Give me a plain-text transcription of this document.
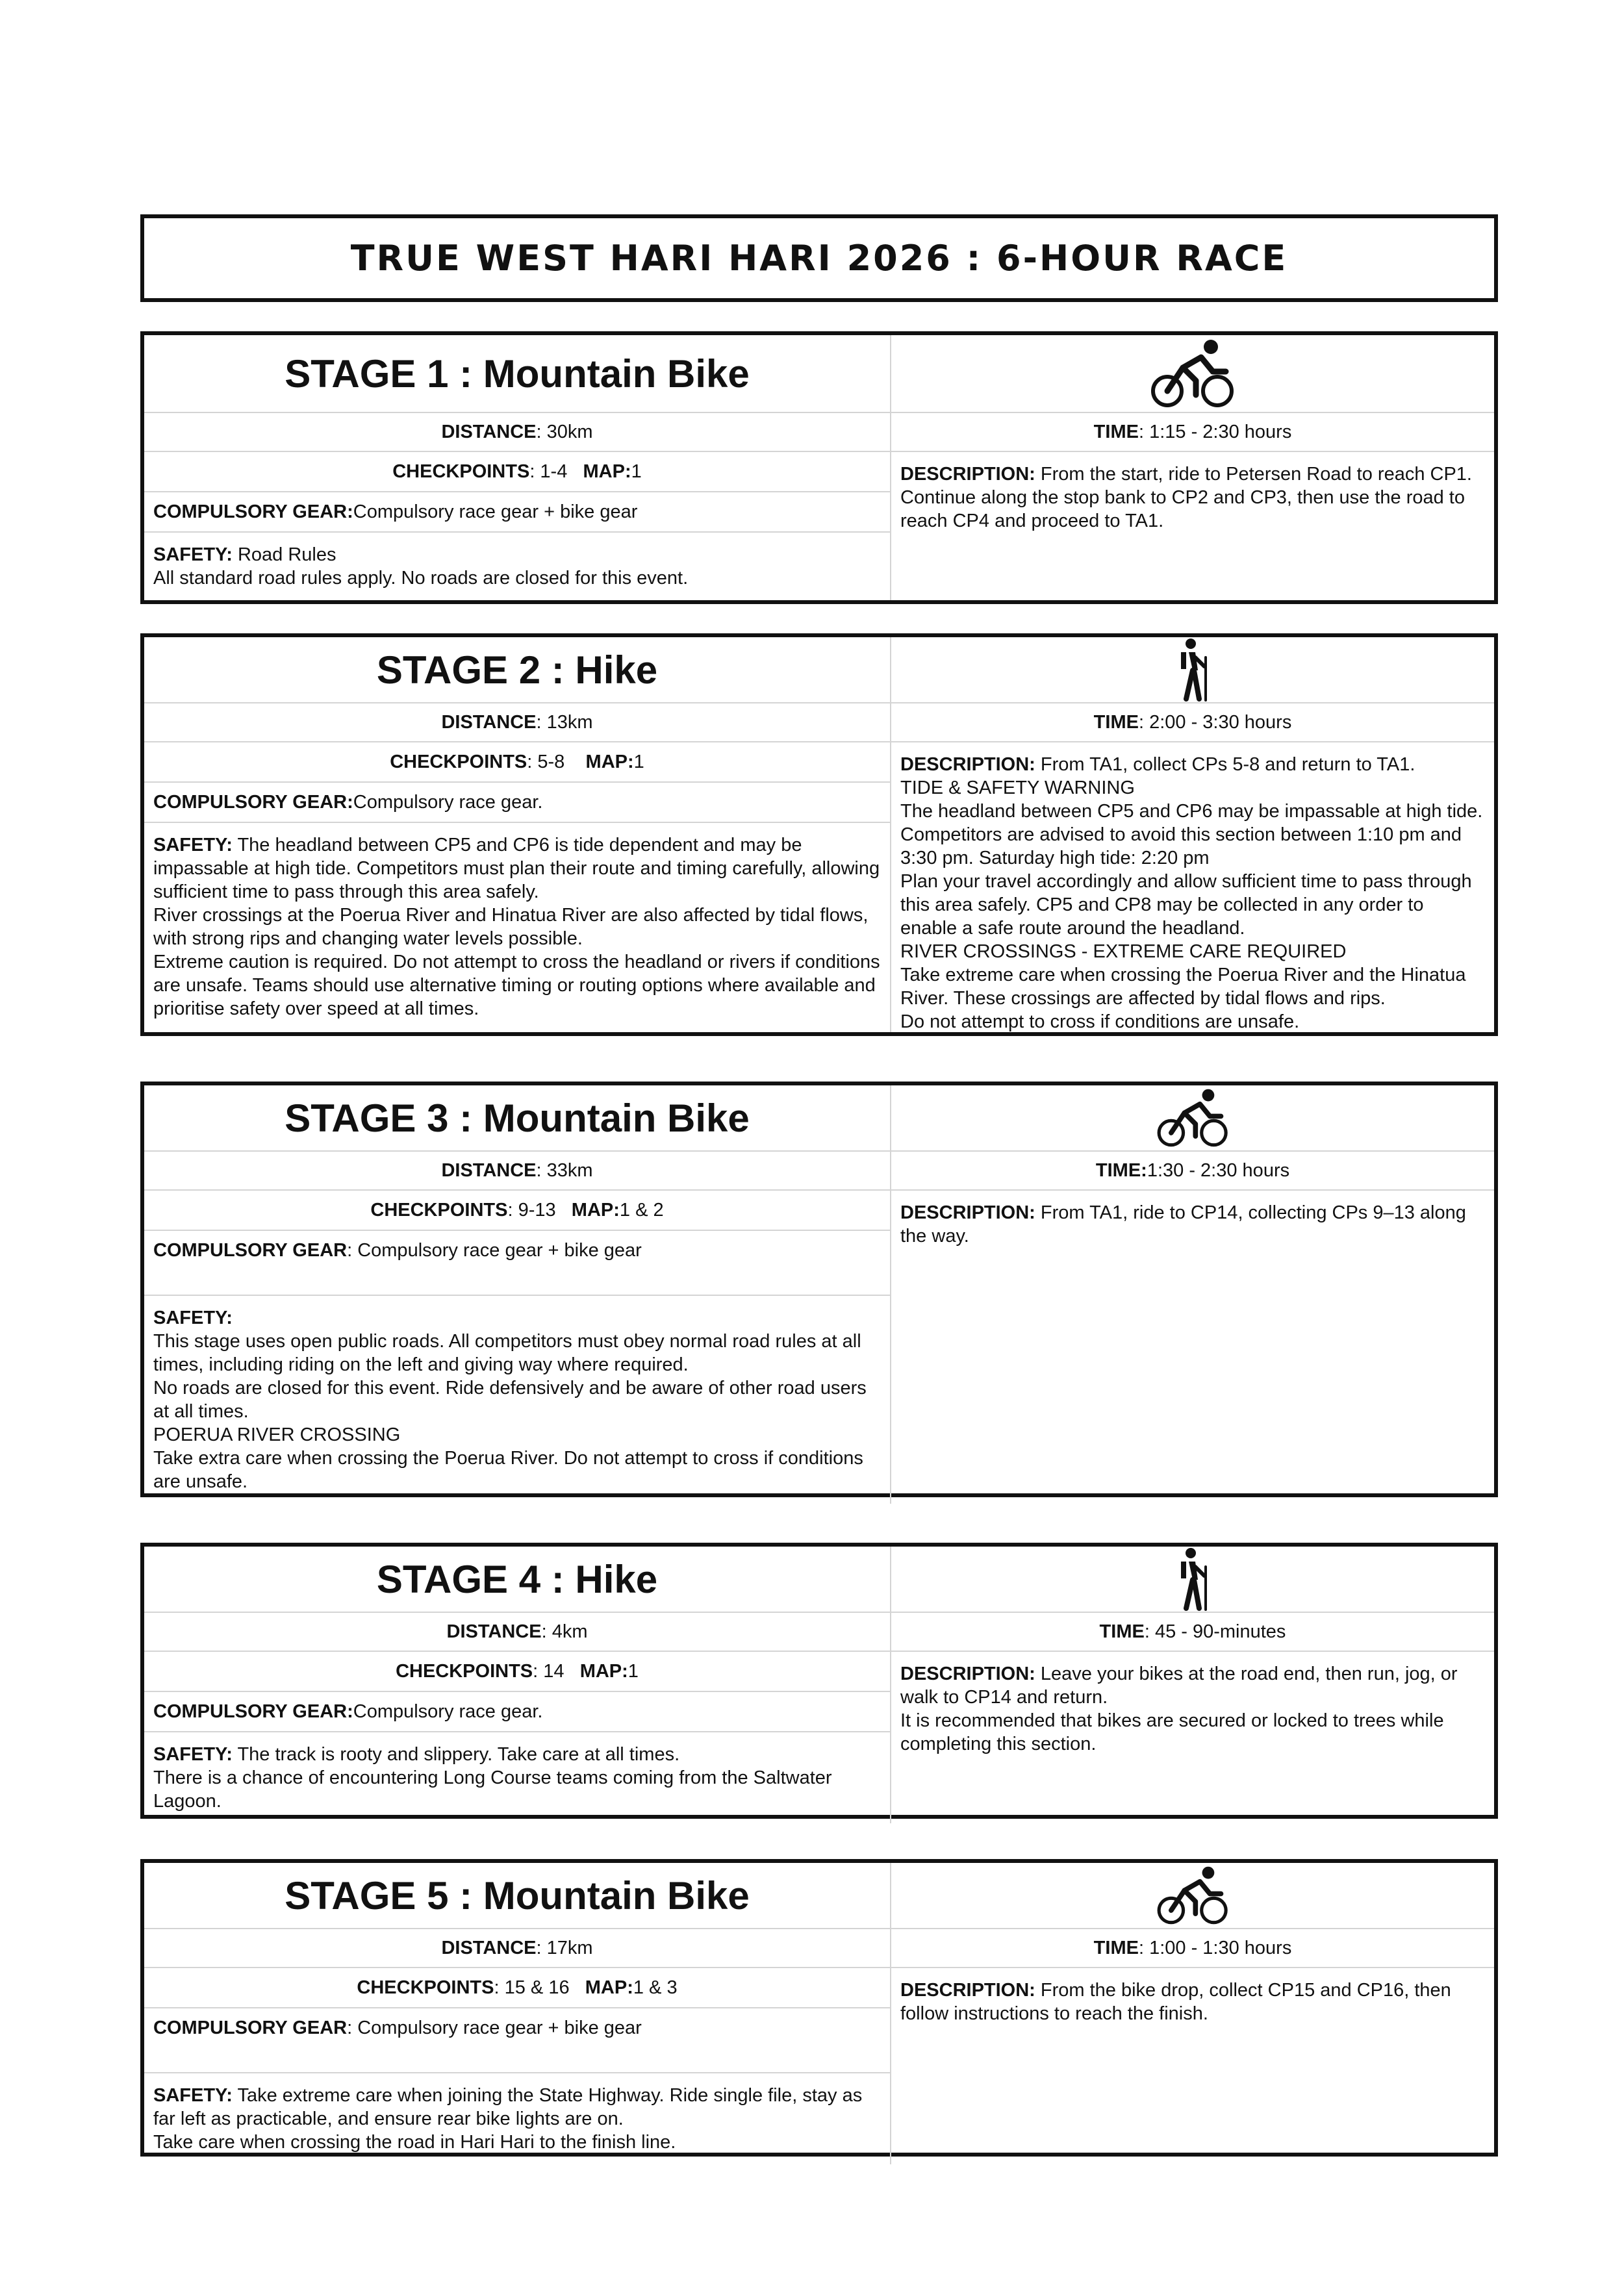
TRUE WEST HARI HARI 2026 : 6-HOUR RACE
STAGE 1 : Mountain Bike
DISTANCE : 30km	TIME : 1:15 - 2:30 hours
CHECKPOINTS : 1-4
MAP: 1	DESCRIPTION: From the start, ride to Petersen Road to reach CP1. Continue along the stop bank to CP2 and CP3, then use the road to reach CP4 and proceed to TA1.
COMPULSORY GEAR: Compulsory race gear + bike gear
SAFETY: Road Rules
All standard road rules apply. No roads are closed for this event.
STAGE 2 : Hike
DISTANCE : 13km	TIME : 2:00 - 3:30 hours
CHECKPOINTS : 5-8
MAP: 1	DESCRIPTION: From TA1, collect CPs 5-8 and return to TA1.
TIDE & SAFETY WARNING
The headland between CP5 and CP6 may be impassable at high tide. Competitors are advised to avoid this section between 1:10 pm and 3:30 pm. Saturday high tide: 2:20 pm
Plan your travel accordingly and allow sufficient time to pass through this area safely. CP5 and CP8 may be collected in any order to enable a safe route around the headland.
RIVER CROSSINGS - EXTREME CARE REQUIRED
Take extreme care when crossing the Poerua River and the Hinatua River. These crossings are affected by tidal flows and rips.
Do not attempt to cross if conditions are unsafe.
COMPULSORY GEAR: Compulsory race gear.
SAFETY: The headland between CP5 and CP6 is tide dependent and may be impassable at high tide. Competitors must plan their route and timing carefully, allowing sufficient time to pass through this area safely.
River crossings at the Poerua River and Hinatua River are also affected by tidal flows, with strong rips and changing water levels possible.
Extreme caution is required. Do not attempt to cross the headland or rivers if conditions are unsafe. Teams should use alternative timing or routing options where available and prioritise safety over speed at all times.
STAGE 3 : Mountain Bike
DISTANCE : 33km	TIME : 1:30 - 2:30 hours
CHECKPOINTS : 9-13
MAP: 1 & 2	DESCRIPTION: From TA1, ride to CP14, collecting CPs 9–13 along the way.
COMPULSORY GEAR : Compulsory race gear + bike gear
SAFETY:
This stage uses open public roads. All competitors must obey normal road rules at all times, including riding on the left and giving way where required.
No roads are closed for this event. Ride defensively and be aware of other road users at all times.
POERUA RIVER CROSSING
Take extra care when crossing the Poerua River. Do not attempt to cross if conditions are unsafe.
STAGE 4 : Hike
DISTANCE : 4km	TIME : 45 - 90-minutes
CHECKPOINTS : 14
MAP: 1	DESCRIPTION: Leave your bikes at the road end, then run, jog, or walk to CP14 and return.
It is recommended that bikes are secured or locked to trees while completing this section.
COMPULSORY GEAR: Compulsory race gear.
SAFETY: The track is rooty and slippery. Take care at all times.
There is a chance of encountering Long Course teams coming from the Saltwater Lagoon.
STAGE 5 : Mountain Bike
DISTANCE : 17km	TIME : 1:00 - 1:30 hours
CHECKPOINTS : 15 & 16
MAP: 1 & 3	DESCRIPTION: From the bike drop, collect CP15 and CP16, then follow instructions to reach the finish.
COMPULSORY GEAR : Compulsory race gear + bike gear
SAFETY: Take extreme care when joining the State Highway. Ride single file, stay as far left as practicable, and ensure rear bike lights are on.
Take care when crossing the road in Hari Hari to the finish line.
